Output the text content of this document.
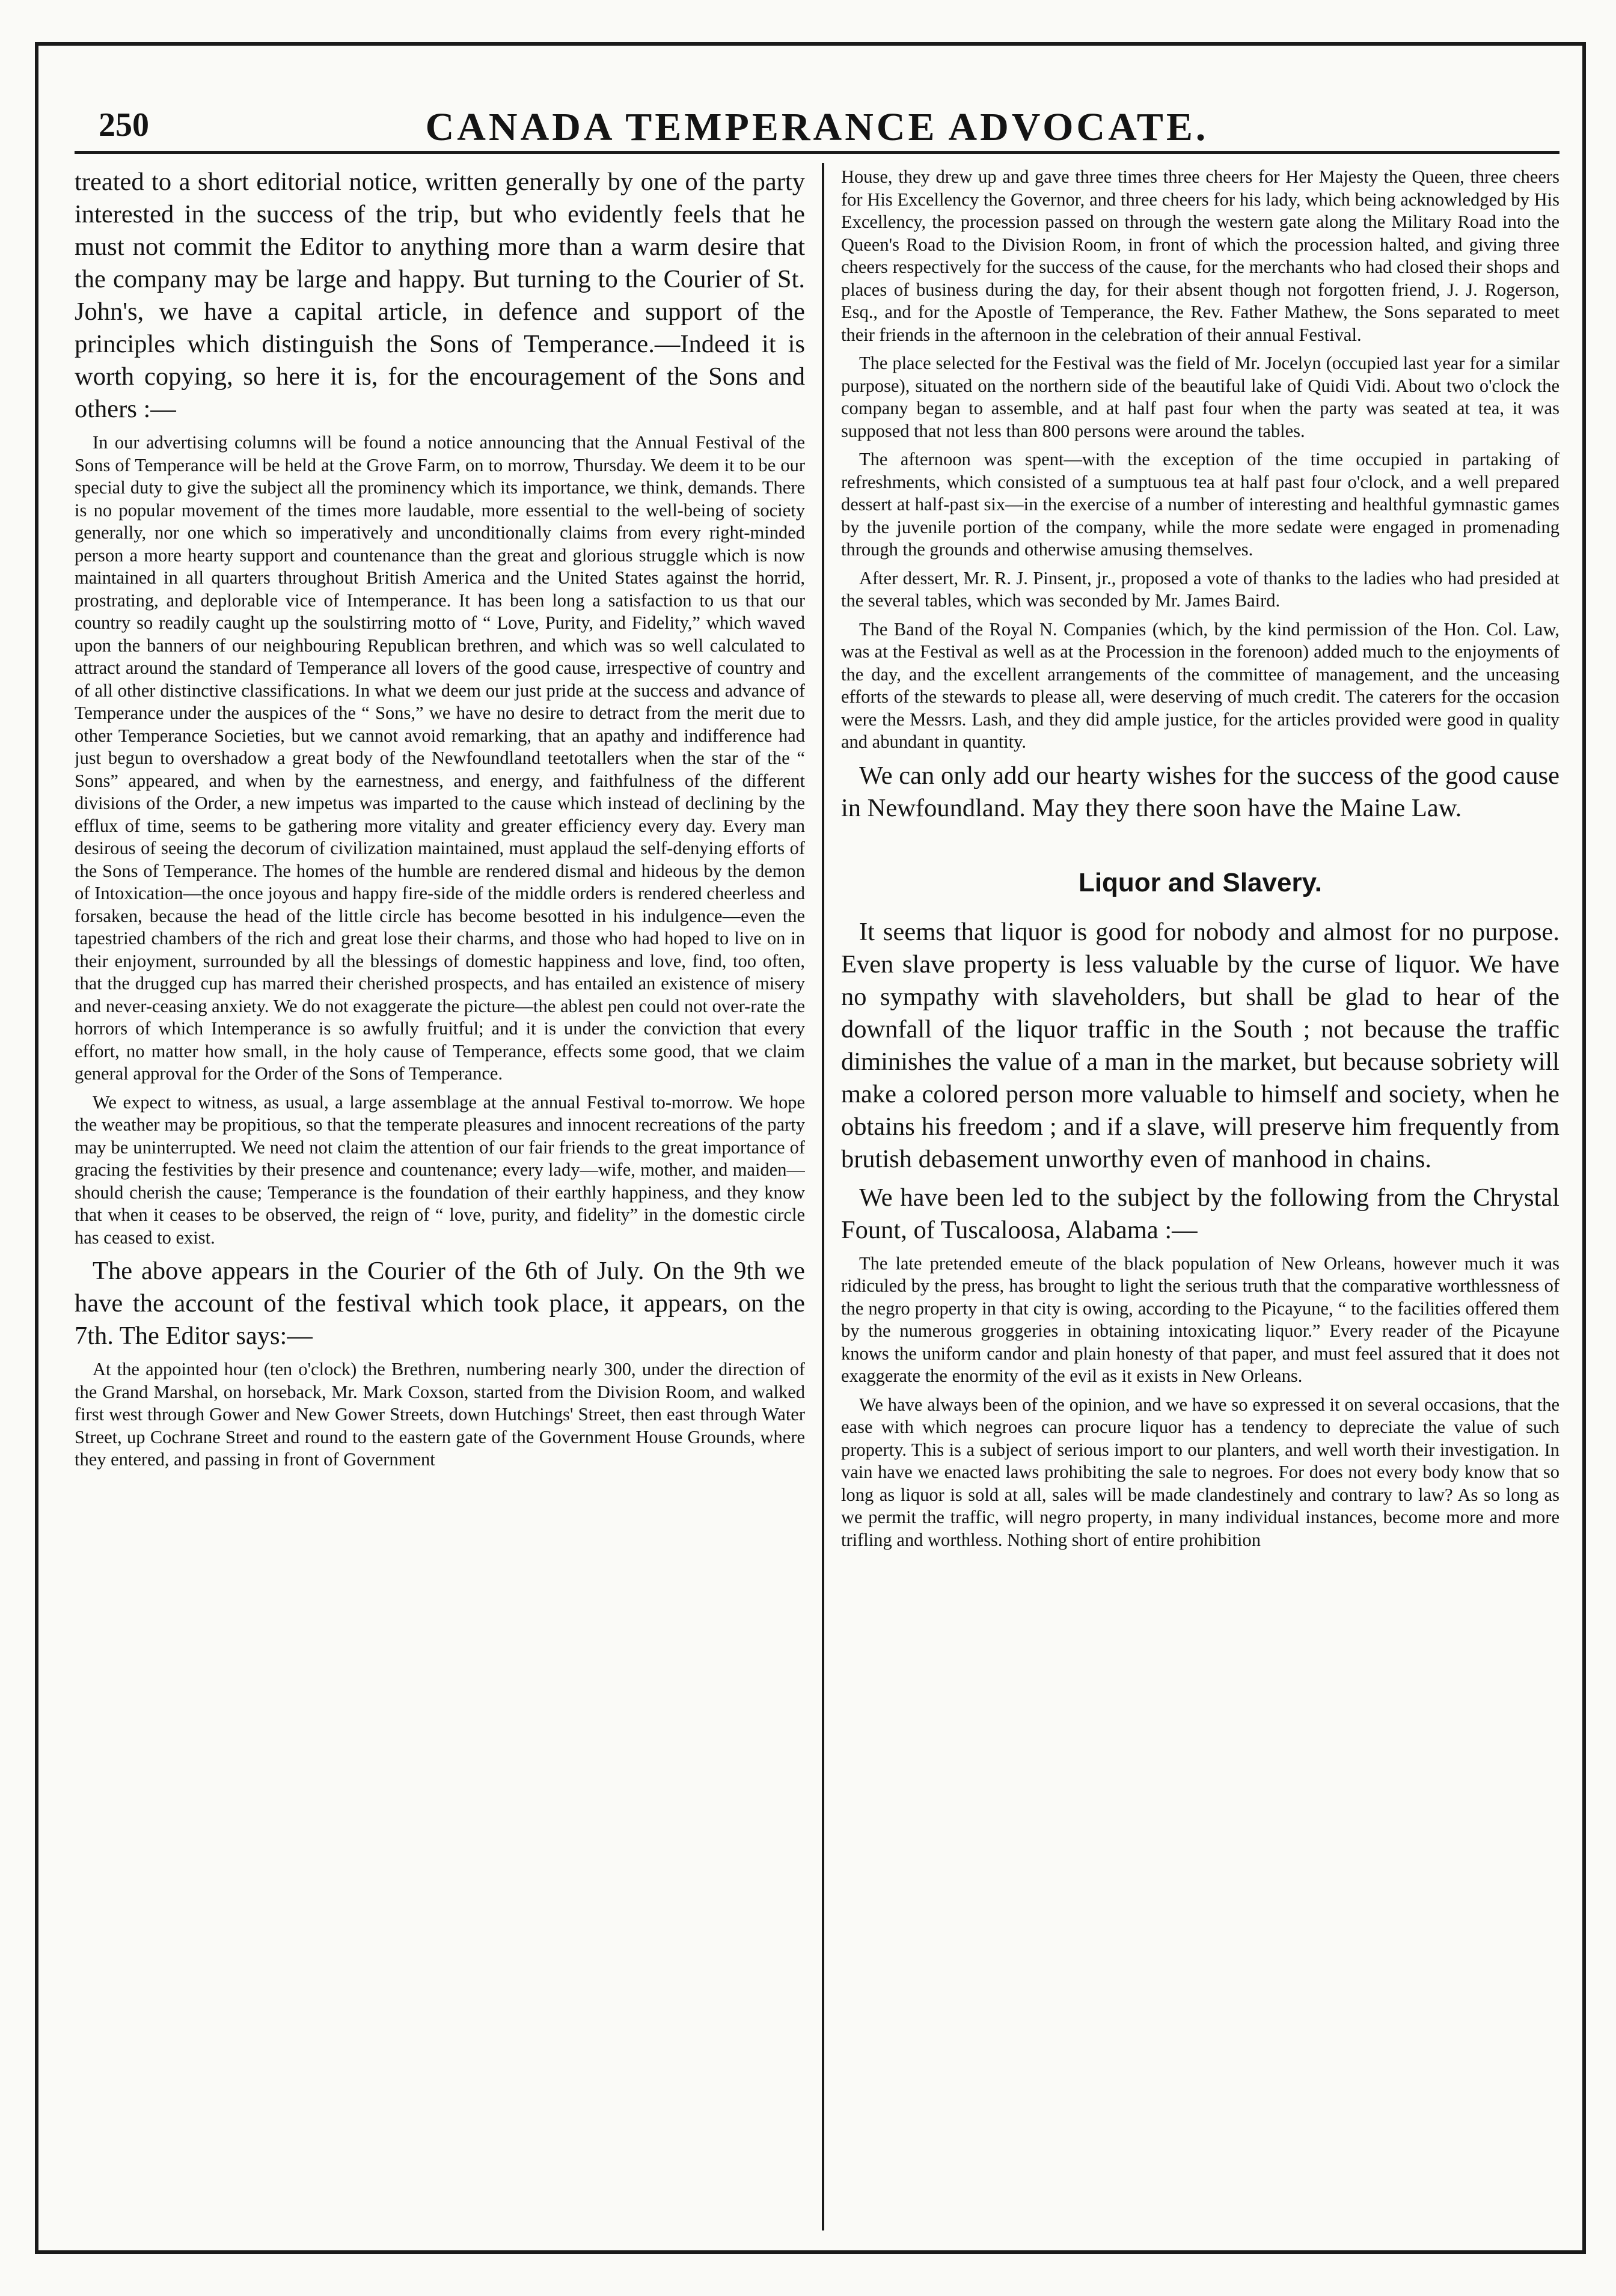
250	CANADA TEMPERANCE ADVOCATE.

treated to a short editorial notice, written generally by one of the party interested in the success of the trip, but who evidently feels that he must not commit the Editor to anything more than a warm desire that the company may be large and happy. But turning to the Courier of St. John's, we have a capital article, in defence and support of the principles which distinguish the Sons of Temperance.—Indeed it is worth copying, so here it is, for the encouragement of the Sons and others :—

In our advertising columns will be found a notice announcing that the Annual Festival of the Sons of Temperance will be held at the Grove Farm, on to morrow, Thursday. We deem it to be our special duty to give the subject all the prominency which its importance, we think, demands. There is no popular movement of the times more laudable, more essential to the well-being of society generally, nor one which so imperatively and unconditionally claims from every right-minded person a more hearty support and countenance than the great and glorious struggle which is now maintained in all quarters throughout British America and the United States against the horrid, prostrating, and deplorable vice of Intemperance. It has been long a satisfaction to us that our country so readily caught up the soulstirring motto of “ Love, Purity, and Fidelity,” which waved upon the banners of our neighbouring Republican brethren, and which was so well calculated to attract around the standard of Temperance all lovers of the good cause, irrespective of country and of all other distinctive classifications. In what we deem our just pride at the success and advance of Temperance under the auspices of the “ Sons,” we have no desire to detract from the merit due to other Temperance Societies, but we cannot avoid remarking, that an apathy and indifference had just begun to overshadow a great body of the Newfoundland teetotallers when the star of the “ Sons” appeared, and when by the earnestness, and energy, and faithfulness of the different divisions of the Order, a new impetus was imparted to the cause which instead of declining by the efflux of time, seems to be gathering more vitality and greater efficiency every day. Every man desirous of seeing the decorum of civilization maintained, must applaud the self-denying efforts of the Sons of Temperance. The homes of the humble are rendered dismal and hideous by the demon of Intoxication—the once joyous and happy fire-side of the middle orders is rendered cheerless and forsaken, because the head of the little circle has become besotted in his indulgence—even the tapestried chambers of the rich and great lose their charms, and those who had hoped to live on in their enjoyment, surrounded by all the blessings of domestic happiness and love, find, too often, that the drugged cup has marred their cherished prospects, and has entailed an existence of misery and never-ceasing anxiety. We do not exaggerate the picture—the ablest pen could not over-rate the horrors of which Intemperance is so awfully fruitful; and it is under the conviction that every effort, no matter how small, in the holy cause of Temperance, effects some good, that we claim general approval for the Order of the Sons of Temperance.

We expect to witness, as usual, a large assemblage at the annual Festival to-morrow. We hope the weather may be propitious, so that the temperate pleasures and innocent recreations of the party may be uninterrupted. We need not claim the attention of our fair friends to the great importance of gracing the festivities by their presence and countenance; every lady—wife, mother, and maiden—should cherish the cause; Temperance is the foundation of their earthly happiness, and they know that when it ceases to be observed, the reign of “ love, purity, and fidelity” in the domestic circle has ceased to exist.

The above appears in the Courier of the 6th of July. On the 9th we have the account of the festival which took place, it appears, on the 7th. The Editor says:—

At the appointed hour (ten o'clock) the Brethren, numbering nearly 300, under the direction of the Grand Marshal, on horseback, Mr. Mark Coxson, started from the Division Room, and walked first west through Gower and New Gower Streets, down Hutchings' Street, then east through Water Street, up Cochrane Street and round to the eastern gate of the Government House Grounds, where they entered, and passing in front of Government

House, they drew up and gave three times three cheers for Her Majesty the Queen, three cheers for His Excellency the Governor, and three cheers for his lady, which being acknowledged by His Excellency, the procession passed on through the western gate along the Military Road into the Queen's Road to the Division Room, in front of which the procession halted, and giving three cheers respectively for the success of the cause, for the merchants who had closed their shops and places of business during the day, for their absent though not forgotten friend, J. J. Rogerson, Esq., and for the Apostle of Temperance, the Rev. Father Mathew, the Sons separated to meet their friends in the afternoon in the celebration of their annual Festival.

The place selected for the Festival was the field of Mr. Jocelyn (occupied last year for a similar purpose), situated on the northern side of the beautiful lake of Quidi Vidi. About two o'clock the company began to assemble, and at half past four when the party was seated at tea, it was supposed that not less than 800 persons were around the tables.

The afternoon was spent—with the exception of the time occupied in partaking of refreshments, which consisted of a sumptuous tea at half past four o'clock, and a well prepared dessert at half-past six—in the exercise of a number of interesting and healthful gymnastic games by the juvenile portion of the company, while the more sedate were engaged in promenading through the grounds and otherwise amusing themselves.

After dessert, Mr. R. J. Pinsent, jr., proposed a vote of thanks to the ladies who had presided at the several tables, which was seconded by Mr. James Baird.

The Band of the Royal N. Companies (which, by the kind permission of the Hon. Col. Law, was at the Festival as well as at the Procession in the forenoon) added much to the enjoyments of the day, and the excellent arrangements of the committee of management, and the unceasing efforts of the stewards to please all, were deserving of much credit. The caterers for the occasion were the Messrs. Lash, and they did ample justice, for the articles provided were good in quality and abundant in quantity.

We can only add our hearty wishes for the success of the good cause in Newfoundland. May they there soon have the Maine Law.

Liquor and Slavery.

It seems that liquor is good for nobody and almost for no purpose. Even slave property is less valuable by the curse of liquor. We have no sympathy with slaveholders, but shall be glad to hear of the downfall of the liquor traffic in the South ; not because the traffic diminishes the value of a man in the market, but because sobriety will make a colored person more valuable to himself and society, when he obtains his freedom ; and if a slave, will preserve him frequently from brutish debasement unworthy even of manhood in chains.

We have been led to the subject by the following from the Chrystal Fount, of Tuscaloosa, Alabama :—

The late pretended emeute of the black population of New Orleans, however much it was ridiculed by the press, has brought to light the serious truth that the comparative worthlessness of the negro property in that city is owing, according to the Picayune, “ to the facilities offered them by the numerous groggeries in obtaining intoxicating liquor.” Every reader of the Picayune knows the uniform candor and plain honesty of that paper, and must feel assured that it does not exaggerate the enormity of the evil as it exists in New Orleans.

We have always been of the opinion, and we have so expressed it on several occasions, that the ease with which negroes can procure liquor has a tendency to depreciate the value of such property. This is a subject of serious import to our planters, and well worth their investigation. In vain have we enacted laws prohibiting the sale to negroes. For does not every body know that so long as liquor is sold at all, sales will be made clandestinely and contrary to law? As so long as we permit the traffic, will negro property, in many individual instances, become more and more trifling and worthless. Nothing short of entire prohibition
